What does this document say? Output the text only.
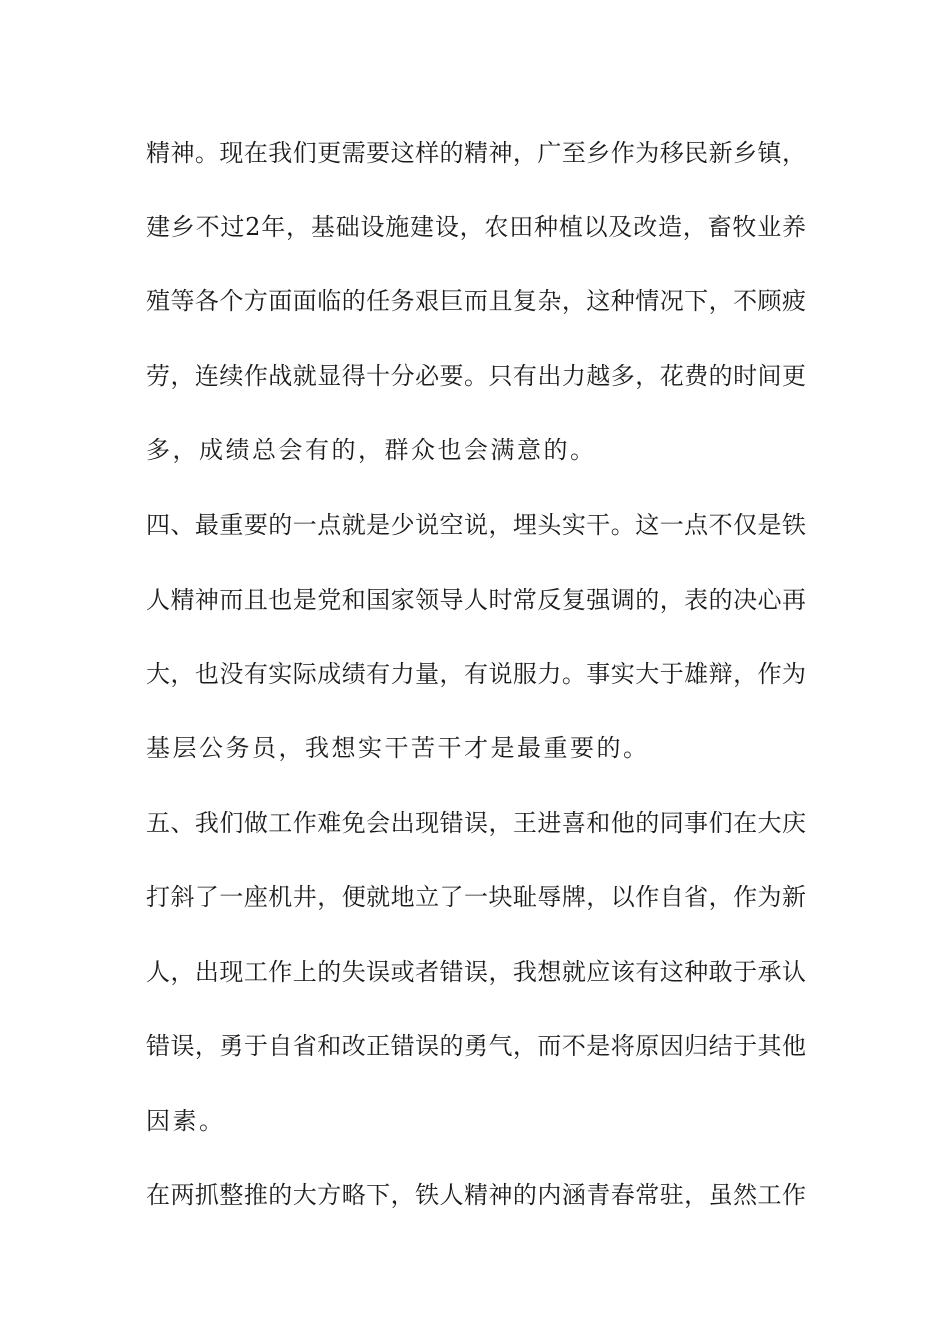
精神。现在我们更需要这样的精神，广至乡作为移民新乡镇，
建乡不过2年，基础设施建设，农田种植以及改造，畜牧业养
殖等各个方面面临的任务艰巨而且复杂，这种情况下，不顾疲
劳，连续作战就显得十分必要。只有出力越多，花费的时间更
多，成绩总会有的，群众也会满意的。
四、最重要的一点就是少说空说，埋头实干。这一点不仅是铁
人精神而且也是党和国家领导人时常反复强调的，表的决心再
大，也没有实际成绩有力量，有说服力。事实大于雄辩，作为
基层公务员，我想实干苦干才是最重要的。
五、我们做工作难免会出现错误，王进喜和他的同事们在大庆
打斜了一座机井，便就地立了一块耻辱牌，以作自省，作为新
人，出现工作上的失误或者错误，我想就应该有这种敢于承认
错误，勇于自省和改正错误的勇气，而不是将原因归结于其他
因素。
在两抓整推的大方略下，铁人精神的内涵青春常驻，虽然工作
